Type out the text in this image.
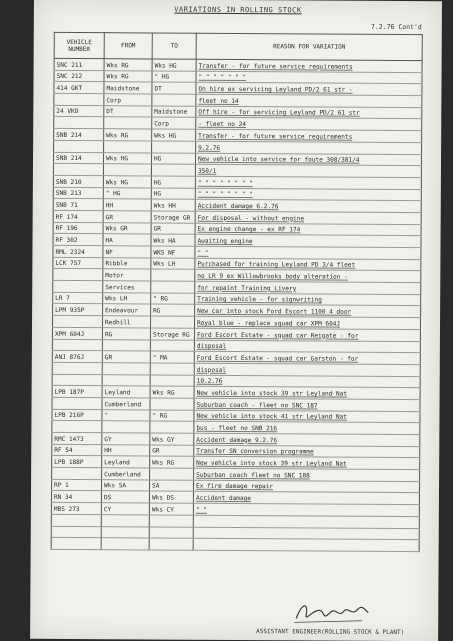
VARIATIONS IN ROLLING STOCK
7.2.76 Cont'd
VEHICLE NUMBER	FROM	TO	REASON FOR VARIATION
SNC 211	Wks RG	Wks HG	Transfer - for future service requirements
SNC 212	Wks RG	" HG	" " " " " " "
414 GKT	Maidstone	DT	On hire ex servicing Leyland PD/2 61 str -
	Corp		fleet no 14
24 VKO	DT	Maidstone	Off hire - for servicing Leyland PD/2 61 str
		Corp	- fleet no 24
SNB 214	Wks RG	Wks HG	Transfer - for future service requirements
			9.2.76
SNB 214	Wks HG	HG	New vehicle into service for foute 308/381/4
			350/1
SNB 210	Wks HG	HG	" " " " " " " "
SNB 213	" HG	HG	" " " " " " " "
SNB 71	HH	Wks HH	Accident damage 6.2.76
RF 174	GR	Storage GR	For disposal - without engine
RF 196	Wks GR	GR	Ex engine change - ex RF 174
RF 302	HA	Wks HA	Awaiting engine
RML 2324	NF	WKS NF	" "
LCK 757	Ribble	Wks LH	Purchased for training Leyland PD 3/4 fleet
	Motor		no LR 9 ex Willowbrooks body alteration -
	Services		for repaint Training Livery
LR 7	Wks LH	" RG	Training vehicle - for signwriting
LPM 935P	Endeavour	RG	New car into stock Ford Escort 1100 4 door
	Redhill		Royal blue - replace squad car XPM 604J
XPM 604J	RG	Storage RG	Ford Escort Estate - squad car Reigate - for
			disposal
ANJ 876J	GR	" MA	Ford Escort Estate - squad car Garston - for
			disposal
			10.2.76
LPB 187P	Leyland	Wks RG	New vehicle into stock 39 str Leyland Nat
	Cumberland		Suburban coach - fleet no SNC 187
LPB 216P	"	" RG	New vehicle into stock 41 str Leyland Nat
			bus - fleet no SNB 216
RMC 1473	GY	Wks GY	Accident damage 9.2.76
RF 54	HH	GR	Transfer SN conversion programme
LPB 188P	Leyland	Wks RG	New vehicle into stock 39 str Leyland Nat
	Cumberland		Suburban coach fleet no SNC 188
RP 1	Wks SA	SA	Ex fire damage repair
RN 34	DS	Wks DS	Accident damage
MBS 273	CY	Wks CY	" "

ASSISTANT ENGINEER(ROLLING STOCK & PLANT)
